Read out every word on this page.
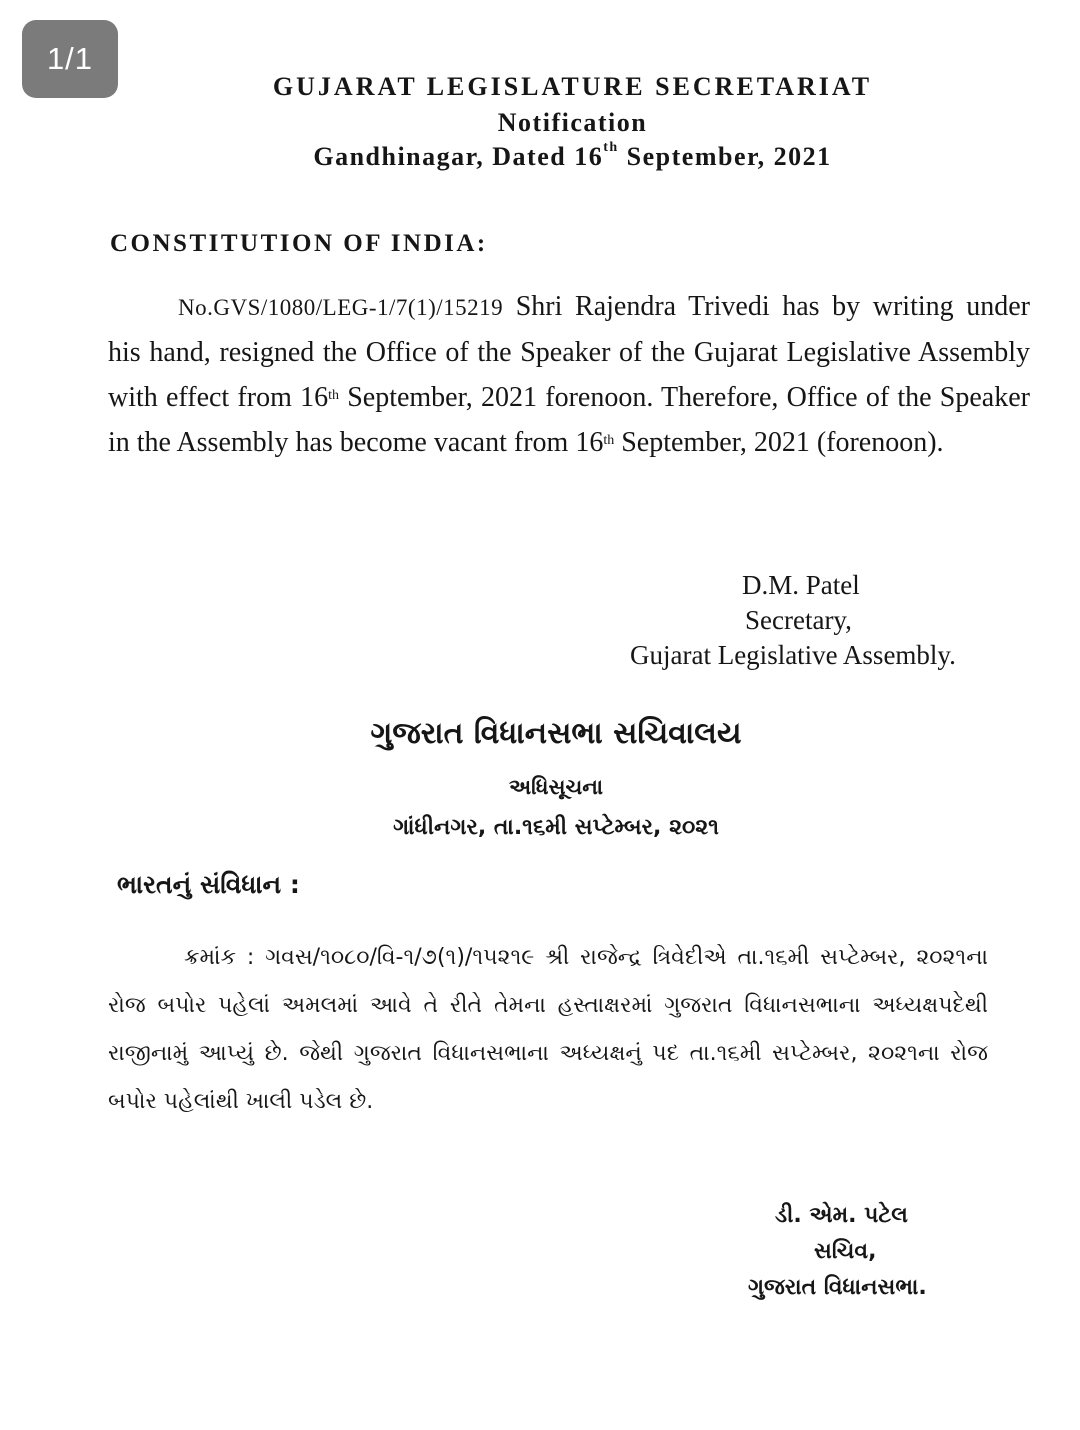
1/1
GUJARAT LEGISLATURE SECRETARIAT
Notification
Gandhinagar, Dated 16th September, 2021
CONSTITUTION OF INDIA:
No.GVS/1080/LEG-1/7(1)/15219 Shri Rajendra Trivedi has by writing under his hand, resigned the Office of the Speaker of the Gujarat Legislative Assembly with effect from 16th September, 2021 forenoon. Therefore, Office of the Speaker in the Assembly has become vacant from 16th September, 2021 (forenoon).
D.M. Patel
Secretary,
Gujarat Legislative Assembly.
ગુજરાત વિધાનસભા સચિવાલય
અધિસૂચના
ગાંધીનગર, તા.૧૬મી સપ્ટેમ્બર, ૨૦૨૧
ભારતનું સંવિધાન :
ક્રમાંક : ગવસ/૧૦૮૦/વિ-૧/૭(૧)/૧૫૨૧૯ શ્રી રાજેન્દ્ર ત્રિવેદીએ તા.૧૬મી સપ્ટેમ્બર, ૨૦૨૧ના રોજ બપોર પહેલાં અમલમાં આવે તે રીતે તેમના હસ્તાક્ષરમાં ગુજરાત વિધાનસભાના અધ્યક્ષપદેથી રાજીનામું આપ્યું છે. જેથી ગુજરાત વિધાનસભાના અધ્યક્ષનું પદ તા.૧૬મી સપ્ટેમ્બર, ૨૦૨૧ના રોજ બપોર પહેલાંથી ખાલી પડેલ છે.
ડી. એમ. પટેલ
સચિવ,
ગુજરાત વિધાનસભા.
